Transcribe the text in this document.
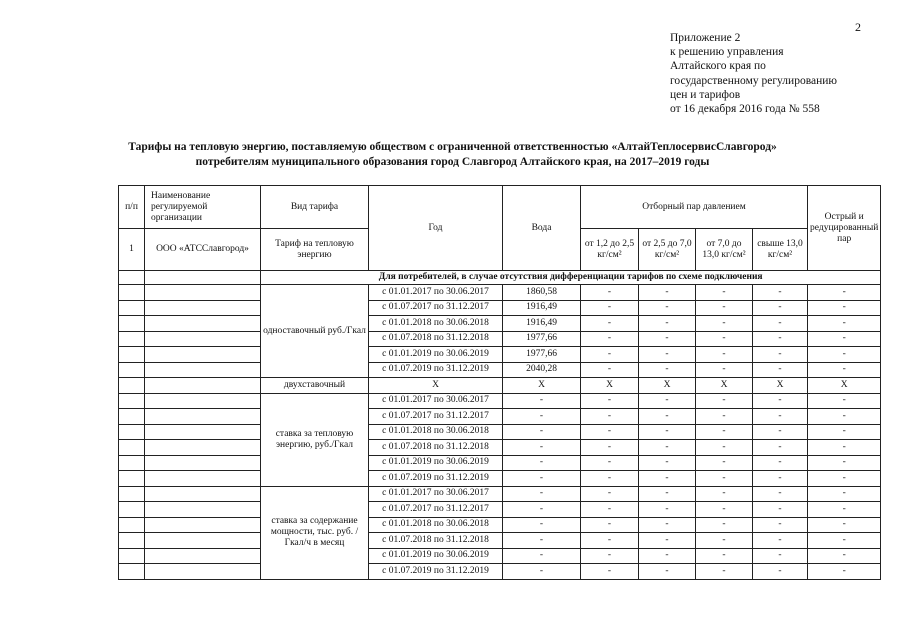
2
Приложение 2
к решению управления
Алтайского края по
государственному регулированию
цен и тарифов
от 16 декабря 2016 года № 558
Тарифы на тепловую энергию, поставляемую обществом с ограниченной ответственностью «АлтайТеплосервисСлавгород»
потребителям муниципального образования город Славгород Алтайского края, на 2017–2019 годы
п/п	Наименование регулируемой организации	Вид тарифа	Год	Вода	Отборный пар давлением				Острый и редуцированный пар
1	ООО «АТССлавгород»	Тариф на тепловую энергию			от 1,2 до 2,5 кг/см²	от 2,5 до 7,0 кг/см²	от 7,0 до 13,0 кг/см²	свыше 13,0 кг/см²	
		Для потребителей, в случае отсутствия дифференциации тарифов по схеме подключения							
		одноставочный руб./Гкал	с 01.01.2017 по 30.06.2017	1860,58	-	-	-	-	-
			с 01.07.2017 по 31.12.2017	1916,49	-	-	-	-	-
			с 01.01.2018 по 30.06.2018	1916,49	-	-	-	-	-
			с 01.07.2018 по 31.12.2018	1977,66	-	-	-	-	-
			с 01.01.2019 по 30.06.2019	1977,66	-	-	-	-	-
			с 01.07.2019 по 31.12.2019	2040,28	-	-	-	-	-
		двухставочный	Х	Х	Х	Х	Х	Х	Х
		ставка за тепловую энергию, руб./Гкал	с 01.01.2017 по 30.06.2017	-	-	-	-	-	-
			с 01.07.2017 по 31.12.2017	-	-	-	-	-	-
			с 01.01.2018 по 30.06.2018	-	-	-	-	-	-
			с 01.07.2018 по 31.12.2018	-	-	-	-	-	-
			с 01.01.2019 по 30.06.2019	-	-	-	-	-	-
			с 01.07.2019 по 31.12.2019	-	-	-	-	-	-
		ставка за содержание мощности, тыс. руб. /Гкал/ч в месяц	с 01.01.2017 по 30.06.2017	-	-	-	-	-	-
			с 01.07.2017 по 31.12.2017	-	-	-	-	-	-
			с 01.01.2018 по 30.06.2018	-	-	-	-	-	-
			с 01.07.2018 по 31.12.2018	-	-	-	-	-	-
			с 01.01.2019 по 30.06.2019	-	-	-	-	-	-
			с 01.07.2019 по 31.12.2019	-	-	-	-	-	-
